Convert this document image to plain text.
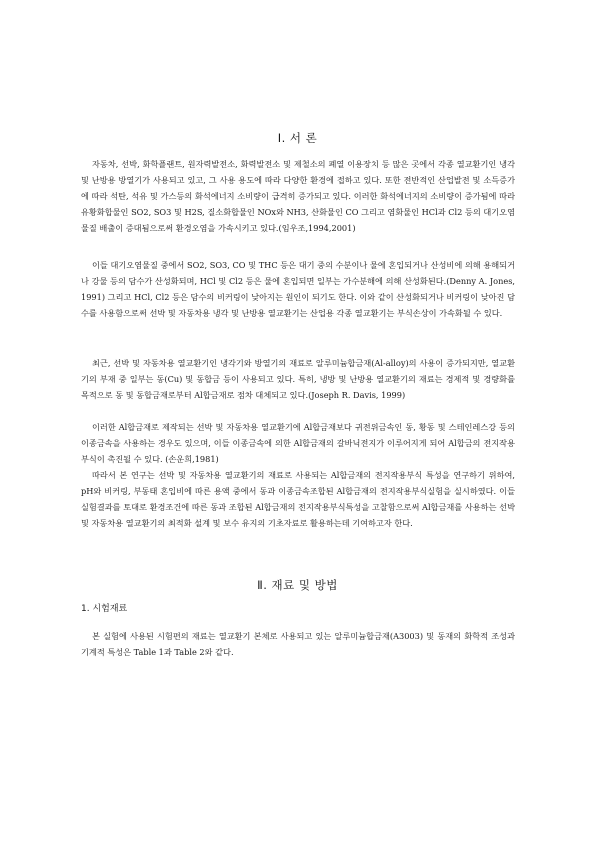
Ⅰ. 서 론

자동차, 선박, 화학플랜트, 원자력발전소, 화력발전소 및 제철소의 폐열 이용장치 등 많은 곳에서 각종 열교환기인 냉각 및 난방용 방열기가 사용되고 있고, 그 사용 용도에 따라 다양한 환경에 접하고 있다. 또한 전반적인 산업발전 및 소득증가에 따라 석탄, 석유 및 가스등의 화석에너지 소비량이 급격히 증가되고 있다. 이러한 화석에너지의 소비량이 증가됨에 따라 유황화합물인 SO2, SO3 및 H2S, 질소화합물인 NOx와 NH3, 산화물인 CO 그리고 염화물인 HCl과 Cl2 등의 대기오염물질 배출이 증대됨으로써 환경오염을 가속시키고 있다.(임우조,1994,2001)

이들 대기오염물질 중에서 SO2, SO3, CO 및 THC 등은 대기 중의 수분이나 물에 혼입되거나 산성비에 의해 용해되거나 강물 등의 담수가 산성화되며, HCl 및 Cl2 등은 물에 혼입되면 일부는 가수분해에 의해 산성화된다.(Denny A. Jones, 1991) 그리고 HCl, Cl2 등은 담수의 비커링이 낮아지는 원인이 되기도 한다. 이와 같이 산성화되거나 비커링이 낮아진 담수를 사용함으로써 선박 및 자동차용 냉각 및 난방용 열교환기는 산업용 각종 열교환기는 부식손상이 가속화될 수 있다.

최근, 선박 및 자동차용 열교환기인 냉각기와 방열기의 재료로 알루미늄합금재(Al-alloy)의 사용이 증가되지만, 열교환기의 부재 중 일부는 동(Cu) 및 동합금 등이 사용되고 있다. 특히, 냉방 및 난방용 열교환기의 재료는 경제적 및 경량화를 목적으로 동 및 동합금재로부터 Al합금재로 점차 대체되고 있다.(Joseph R. Davis, 1999)

이러한 Al합금재로 제작되는 선박 및 자동차용 열교환기에 Al합금재보다 귀전위금속인 동, 황동 및 스테인레스강 등의 이종금속을 사용하는 경우도 있으며, 이들 이종금속에 의한 Al합금재의 갈바닉전지가 이루어지게 되어 Al합금의 전지작용부식이 촉진될 수 있다. (손운희,1981)

따라서 본 연구는 선박 및 자동차용 열교환기의 재료로 사용되는 Al합금재의 전지작용부식 특성을 연구하기 위하여, pH와 비커링, 부동태 혼입비에 따른 용액 중에서 동과 이종금속조합된 Al합금재의 전지작용부식실험을 실시하였다. 이들 실험결과를 토대로 환경조건에 따른 동과 조합된 Al합금재의 전지작용부식특성을 고찰함으로써 Al합금재를 사용하는 선박 및 자동차용 열교환기의 최적화 설계 및 보수 유지의 기초자료로 활용하는데 기여하고자 한다.

Ⅱ. 재료 및 방법
1. 시험재료

본 실험에 사용된 시험편의 재료는 열교환기 본체로 사용되고 있는 알루미늄합금재(A3003) 및 동재의 화학적 조성과 기계적 특성은 Table 1과 Table 2와 같다.
